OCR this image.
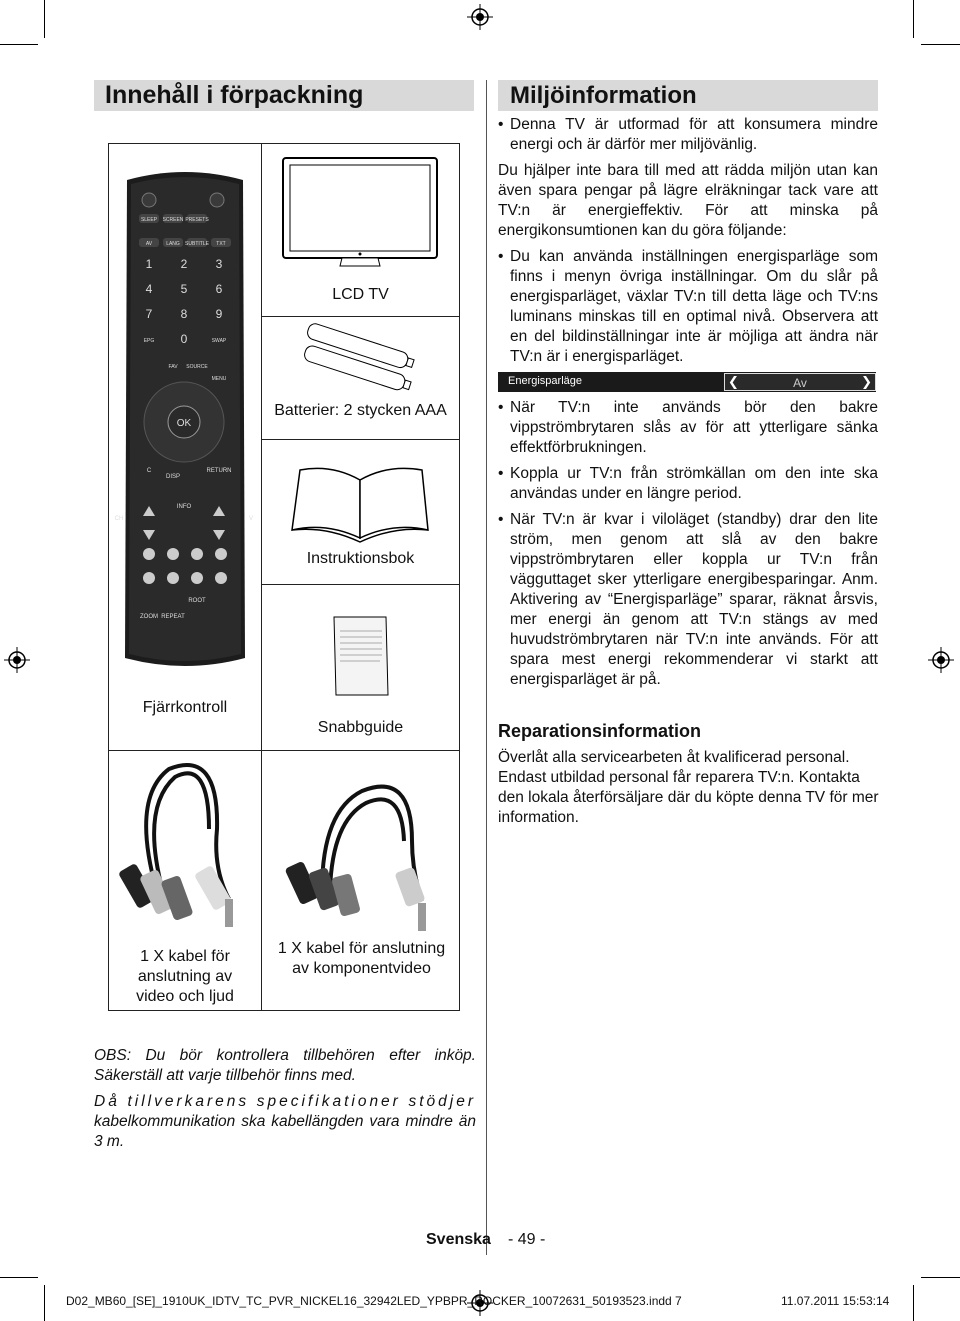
Innehåll i förpackning	Miljöinformation
SLEEP SCREEN PRESETS
AV	LANG SUBTITLE TXT
1 2 3
4 5 6
7 8 9
0
EPG	SWAP
FAV SOURCE
MENU
OK
C
DISP
RETURN
INFO
CH	V
ROOT
ZOOM REPEAT
Fjärrkontroll
LCD TV
Batterier: 2 stycken AAA
Instruktionsbok
Snabbguide
1 X kabel för anslutning av video och ljud
1 X kabel för anslutning av komponentvideo

OBS: Du bör kontrollera tillbehören efter inköp. Säkerställ att varje tillbehör finns med.

Då tillverkarens specifikationer stödjer kabelkommunikation ska kabellängden vara mindre än 3 m.

• Denna TV är utformad för att konsumera mindre energi och är därför mer miljövänlig.

Du hjälper inte bara till med att rädda miljön utan kan även spara pengar på lägre elräkningar tack vare att TV:n är energieffektiv. För att minska på energikonsumtionen kan du göra följande:

• Du kan använda inställningen energisparläge som finns i menyn övriga inställningar. Om du slår på energisparläget, växlar TV:n till detta läge och TV:ns luminans minskas till en optimal nivå. Observera att en del bildinställningar inte är möjliga att ändra när TV:n är i energisparläget.
Energisparläge	❮	Av	❯
• När TV:n inte används bör den bakre vippströmbrytaren slås av för att ytterligare sänka effektförbrukningen.
• Koppla ur TV:n från strömkällan om den inte ska användas under en längre period.
• När TV:n är kvar i viloläget (standby) drar den lite ström, men genom att slå av den bakre vippströmbrytaren eller koppla ur TV:n från vägguttaget sker ytterligare energibesparingar. Anm. Aktivering av “Energisparläge” sparar, räknat årsvis, mer energi än genom att TV:n stängs av med huvudströmbrytaren när TV:n inte används. För att spara mest energi rekommenderar vi starkt att energisparläget är på.
Reparationsinformation
Överlåt alla servicearbeten åt kvalificerad personal. Endast utbildad personal får reparera TV:n. Kontakta den lokala återförsäljare där du köpte denna TV för mer information.
Svenska - 49 -
D02_MB60_[SE]_1910UK_IDTV_TC_PVR_NICKEL16_32942LED_YPBPR_ROCKER_10072631_50193523.indd 7	11.07.2011 15:53:14
